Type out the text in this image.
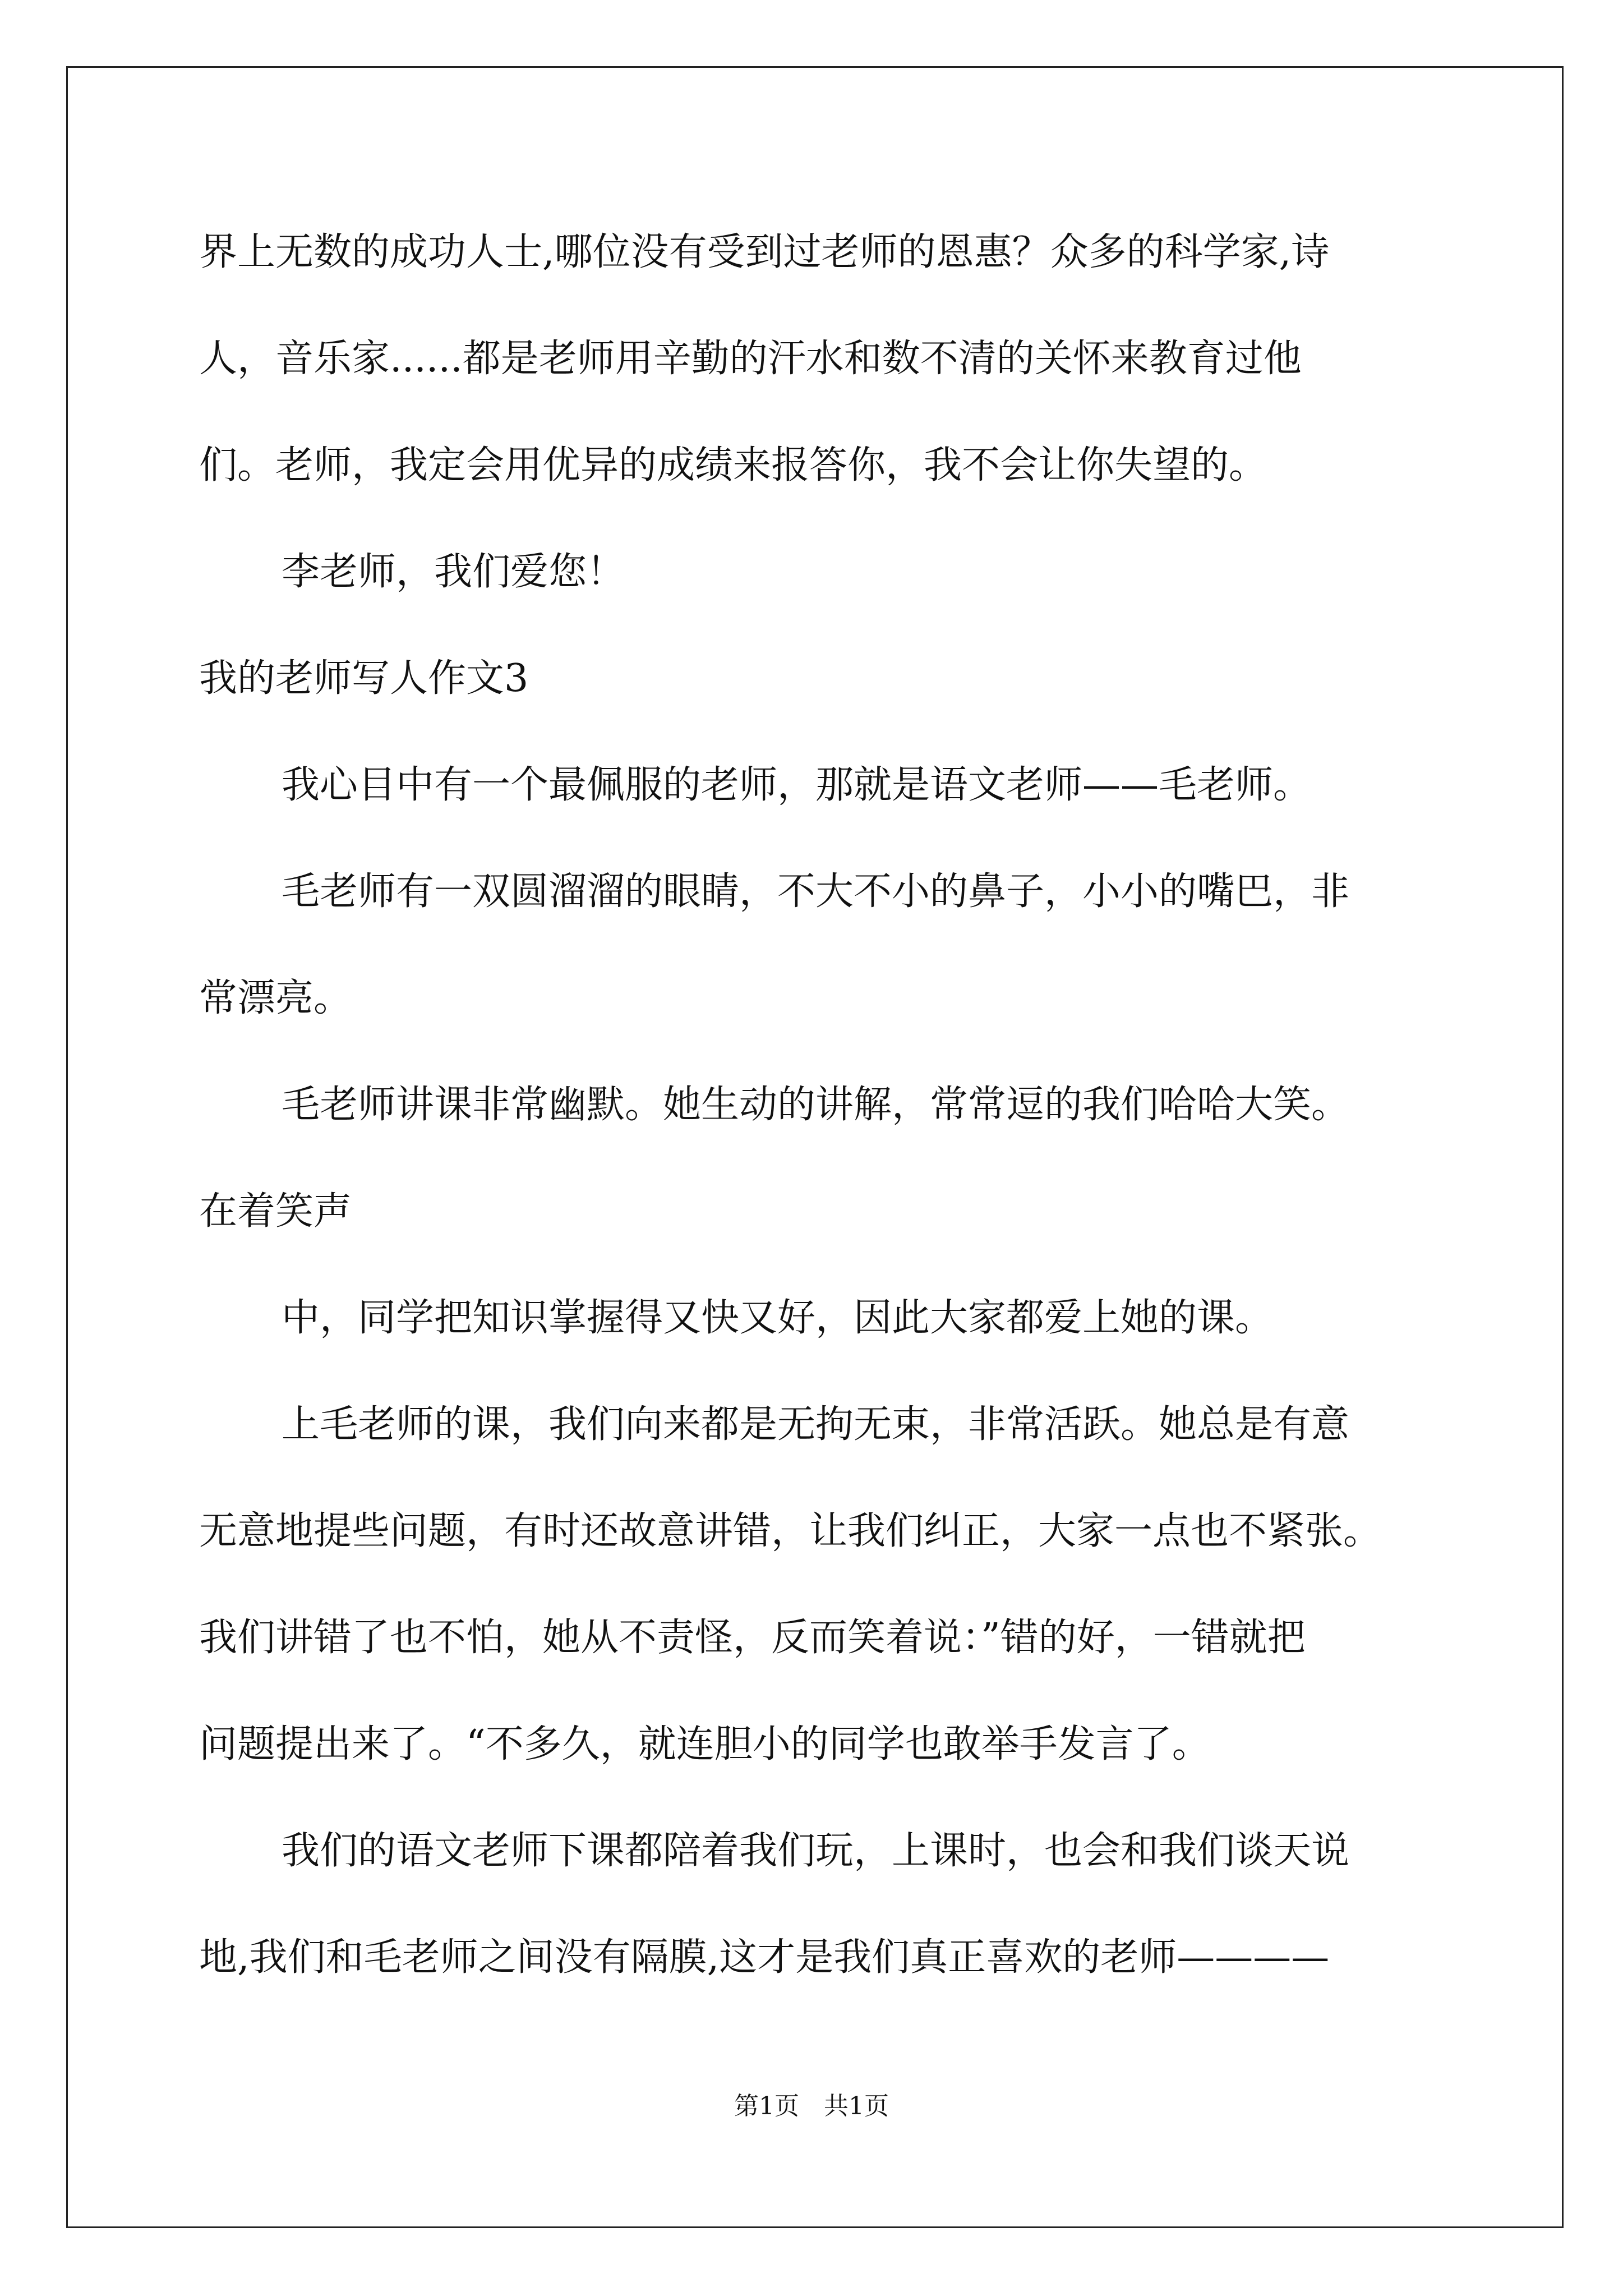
界上无数的成功人士,哪位没有受到过老师的恩惠？众多的科学家,诗

人，音乐家......都是老师用辛勤的汗水和数不清的关怀来教育过他

们。老师，我定会用优异的成绩来报答你，我不会让你失望的。

李老师，我们爱您！

我的老师写人作文3

我心目中有一个最佩服的老师，那就是语文老师——毛老师。

毛老师有一双圆溜溜的眼睛，不大不小的鼻子，小小的嘴巴，非

常漂亮。

毛老师讲课非常幽默。她生动的讲解，常常逗的我们哈哈大笑。

在着笑声

中，同学把知识掌握得又快又好，因此大家都爱上她的课。

上毛老师的课，我们向来都是无拘无束，非常活跃。她总是有意

无意地提些问题，有时还故意讲错，让我们纠正，大家一点也不紧张。

我们讲错了也不怕，她从不责怪，反而笑着说：”错的好，一错就把

问题提出来了。“不多久，就连胆小的同学也敢举手发言了。

我们的语文老师下课都陪着我们玩，上课时，也会和我们谈天说

地,我们和毛老师之间没有隔膜,这才是我们真正喜欢的老师————

第1页　共1页
